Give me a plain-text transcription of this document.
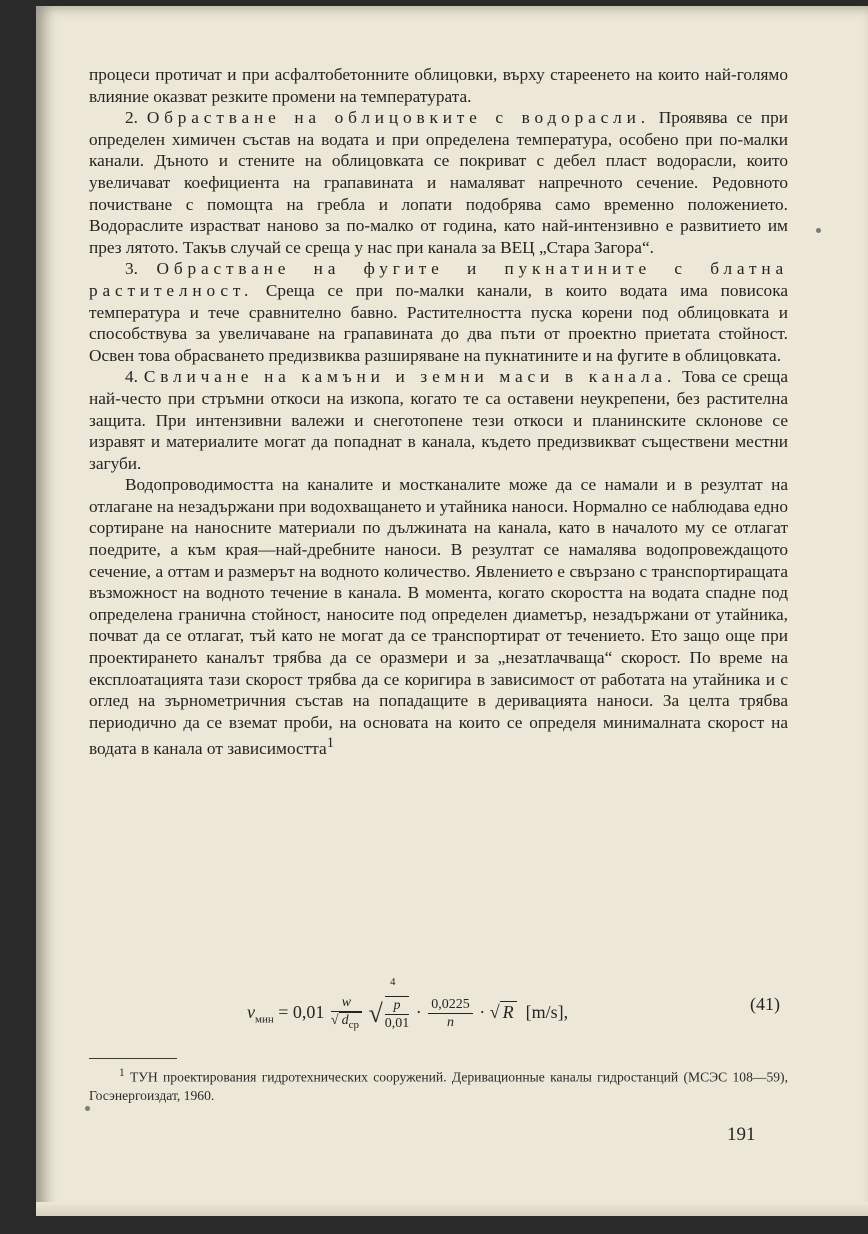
процеси протичат и при асфалтобетонните облицовки, върху стареенето на които най-голямо влияние оказват резките промени на температурата.

2. Обрастване на облицовките с водорасли. Проявява се при определен химичен състав на водата и при определена температура, особено при по-малки канали. Дъното и стените на облицовката се покриват с дебел пласт водорасли, които увеличават коефициента на грапавината и намаляват напречното сечение. Редовното почистване с помощта на гребла и лопати подобрява само временно положението. Водораслите израстват наново за по-малко от година, като най-интензивно е развитието им през лятото. Такъв случай се среща у нас при канала за ВЕЦ „Стара Загора“.

3. Обрастване на фугите и пукнатините с блатна растителност. Среща се при по-малки канали, в които водата има повисока температура и тече сравнително бавно. Растителността пуска корени под облицовката и способствува за увеличаване на грапавината до два пъти от проектно приетата стойност. Освен това обрасването предизвиква разширяване на пукнатините и на фугите в облицовката.

4. Свличане на камъни и земни маси в канала. Това се среща най-често при стръмни откоси на изкопа, когато те са оставени неукрепени, без растителна защита. При интензивни валежи и снеготопене тези откоси и планинските склонове се изравят и материалите могат да попаднат в канала, където предизвикват съществени местни загуби.

Водопроводимостта на каналите и мостканалите може да се намали и в резултат на отлагане на незадържани при водохващането и утайника наноси. Нормално се наблюдава едно сортиране на наносните материали по дължината на канала, като в началото му се отлагат поедрите, а към края—най-дребните наноси. В резултат се намалява водопровеждащото сечение, а оттам и размерът на водното количество. Явлението е свързано с транспортиращата възможност на водното течение в канала. В момента, когато скоростта на водата спадне под определена гранична стойност, наносите под определен диаметър, незадържани от утайника, почват да се отлагат, тъй като не могат да се транспортират от течението. Ето защо още при проектирането каналът трябва да се оразмери и за „незатлачваща“ скорост. По време на експлоатацията тази скорост трябва да се коригира в зависимост от работата на утайника и с оглед на зърнометричния състав на попадащите в деривацията наноси. За целта трябва периодично да се вземат проби, на основата на които се определя минималната скорост на водата в канала от зависимостта$^1$

4
$v_{мин} = 0,01 \frac{w}{√ d_{ср}}$ √ $\frac{p}{0,01} \cdot \frac{0,0225}{n}$ · √ R [m/s],	(41)
$^1$ ТУН проектирования гидротехнических сооружений. Деривационные каналы гидростанций (МСЭС 108—59), Госэнергоиздат, 1960.
191
